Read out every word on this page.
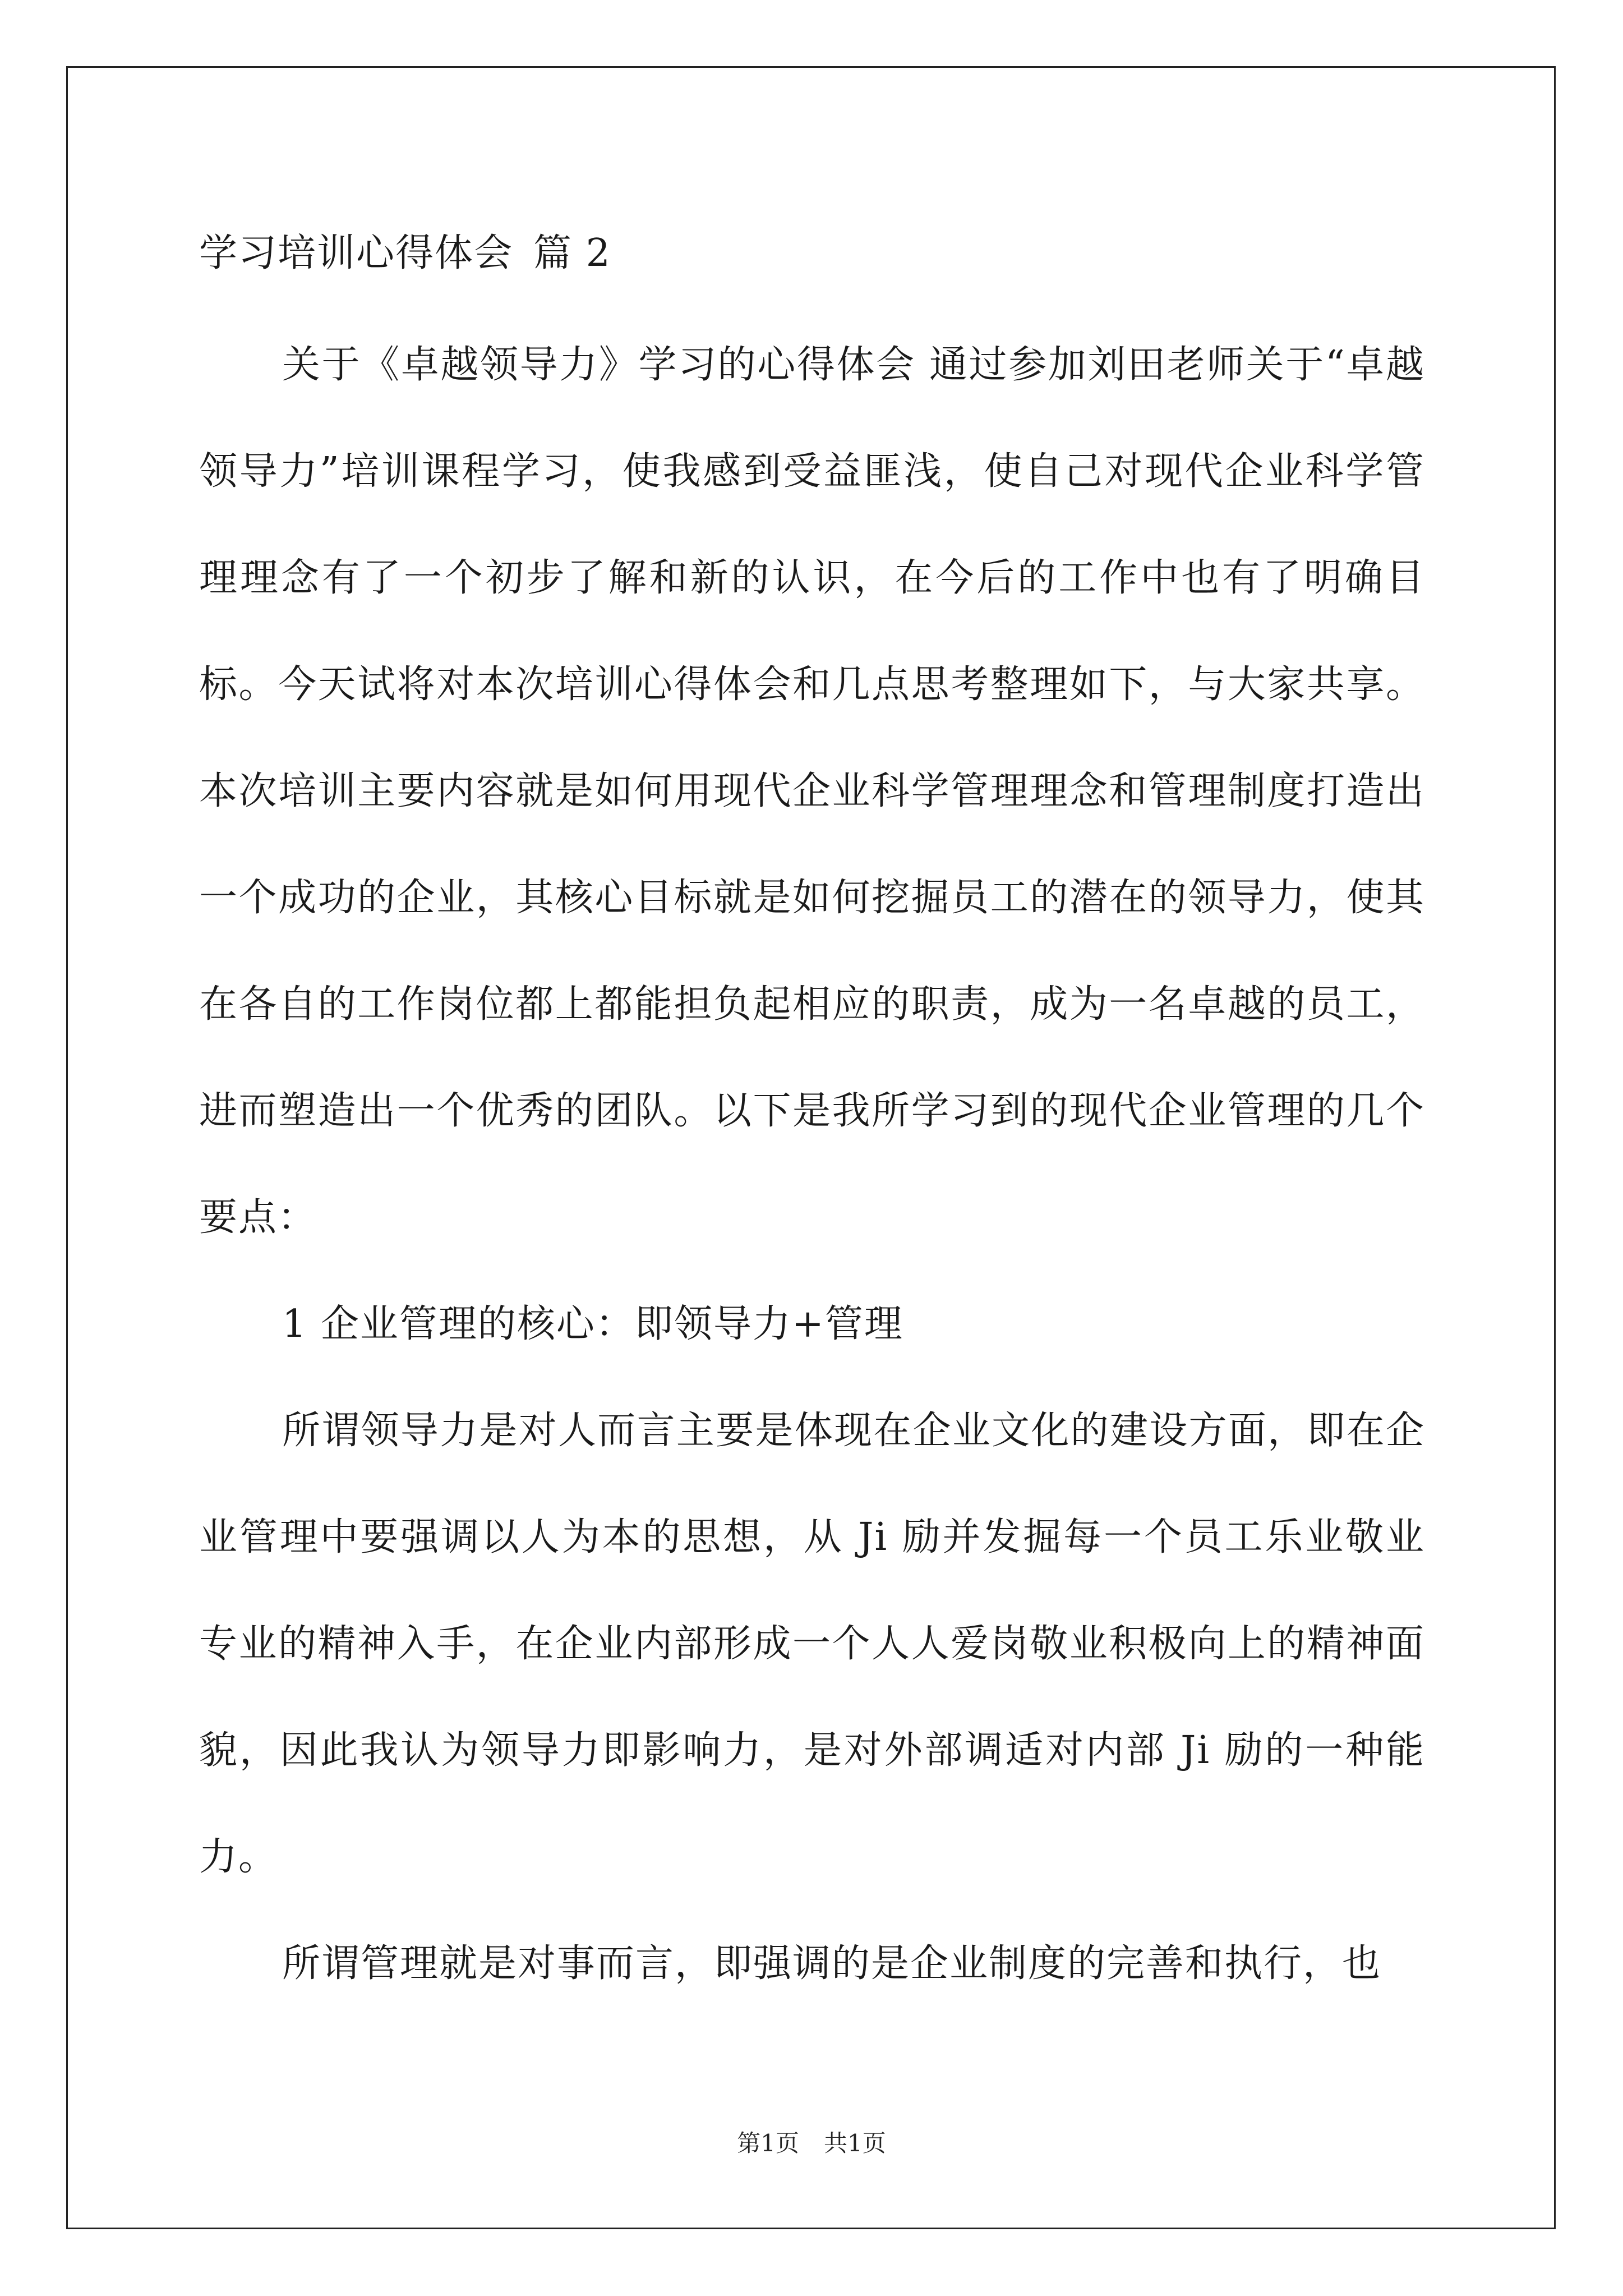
学习培训心得体会 篇 2

关于《卓越领导力》学习的心得体会 通过参加刘田老师关于“卓越领导力”培训课程学习，使我感到受益匪浅，使自己对现代企业科学管理理念有了一个初步了解和新的认识，在今后的工作中也有了明确目标。今天试将对本次培训心得体会和几点思考整理如下，与大家共享。本次培训主要内容就是如何用现代企业科学管理理念和管理制度打造出一个成功的企业，其核心目标就是如何挖掘员工的潜在的领导力，使其在各自的工作岗位都上都能担负起相应的职责，成为一名卓越的员工，进而塑造出一个优秀的团队。以下是我所学习到的现代企业管理的几个要点：

1 企业管理的核心：即领导力+管理

所谓领导力是对人而言主要是体现在企业文化的建设方面，即在企业管理中要强调以人为本的思想，从 Ji 励并发掘每一个员工乐业敬业专业的精神入手，在企业内部形成一个人人爱岗敬业积极向上的精神面貌，因此我认为领导力即影响力，是对外部调适对内部 Ji 励的一种能力。

所谓管理就是对事而言，即强调的是企业制度的完善和执行，也

第1页 共1页
